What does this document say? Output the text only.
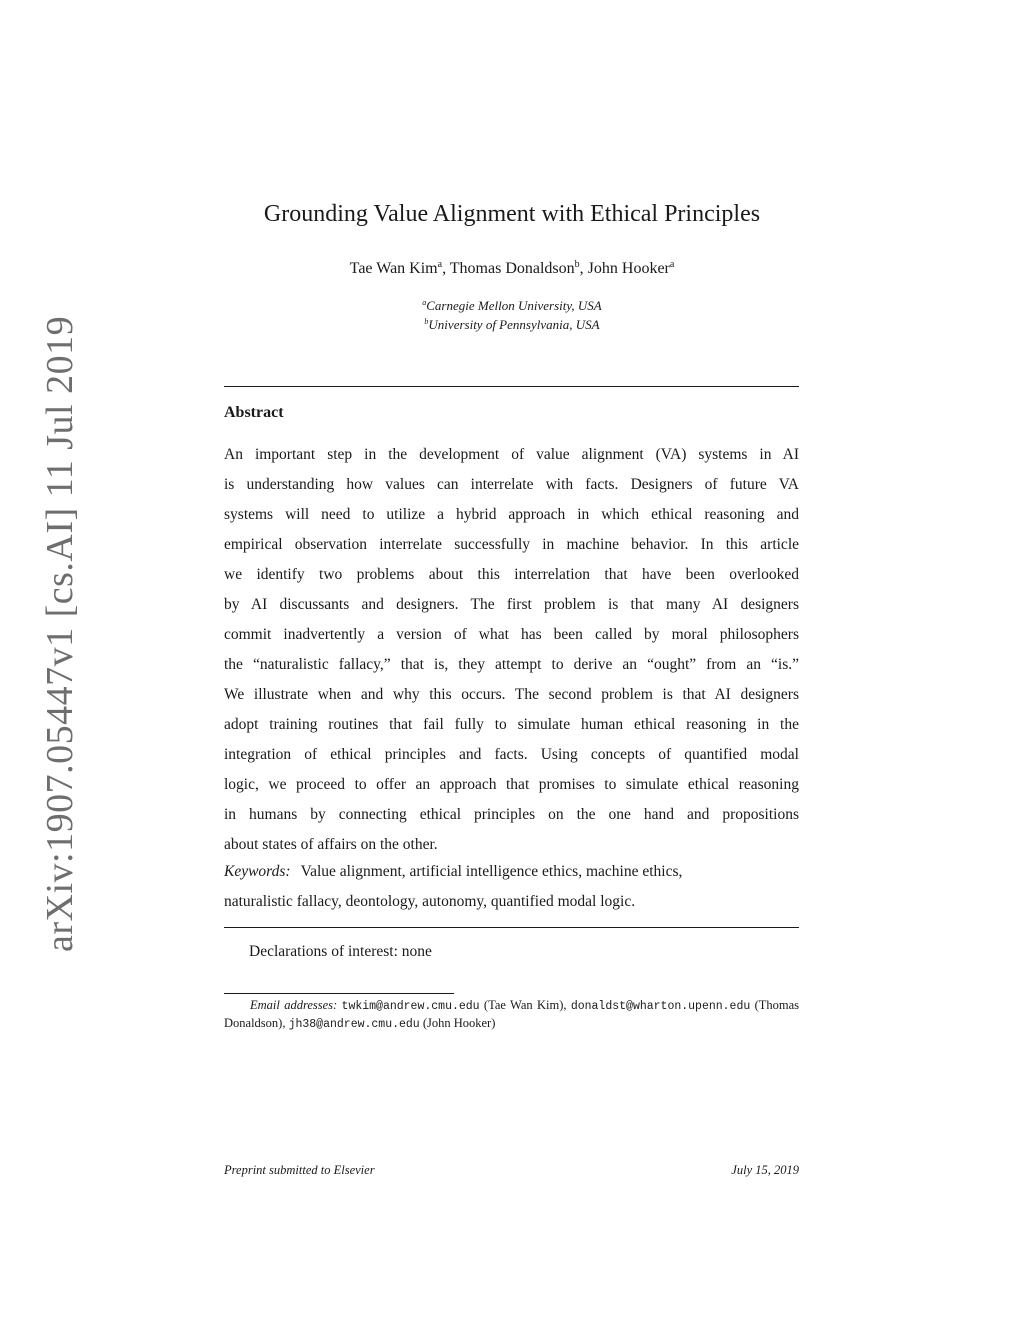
arXiv:1907.05447v1 [cs.AI] 11 Jul 2019
Grounding Value Alignment with Ethical Principles
Tae Wan Kim$^a$, Thomas Donaldson$^b$, John Hooker$^a$
$^a$Carnegie Mellon University, USA
$^b$University of Pennsylvania, USA
Abstract
An important step in the development of value alignment (VA) systems in AI
is understanding how values can interrelate with facts. Designers of future VA
systems will need to utilize a hybrid approach in which ethical reasoning and
empirical observation interrelate successfully in machine behavior. In this article
we identify two problems about this interrelation that have been overlooked
by AI discussants and designers. The first problem is that many AI designers
commit inadvertently a version of what has been called by moral philosophers
the “naturalistic fallacy,” that is, they attempt to derive an “ought” from an “is.”
We illustrate when and why this occurs. The second problem is that AI designers
adopt training routines that fail fully to simulate human ethical reasoning in the
integration of ethical principles and facts. Using concepts of quantified modal
logic, we proceed to offer an approach that promises to simulate ethical reasoning
in humans by connecting ethical principles on the one hand and propositions
about states of affairs on the other.
Keywords: Value alignment, artificial intelligence ethics, machine ethics,
naturalistic fallacy, deontology, autonomy, quantified modal logic.
Declarations of interest: none
Email addresses: twkim@andrew.cmu.edu (Tae Wan Kim), donaldst@wharton.upenn.edu (Thomas Donaldson), jh38@andrew.cmu.edu (John Hooker)
Preprint submitted to Elsevier	July 15, 2019
